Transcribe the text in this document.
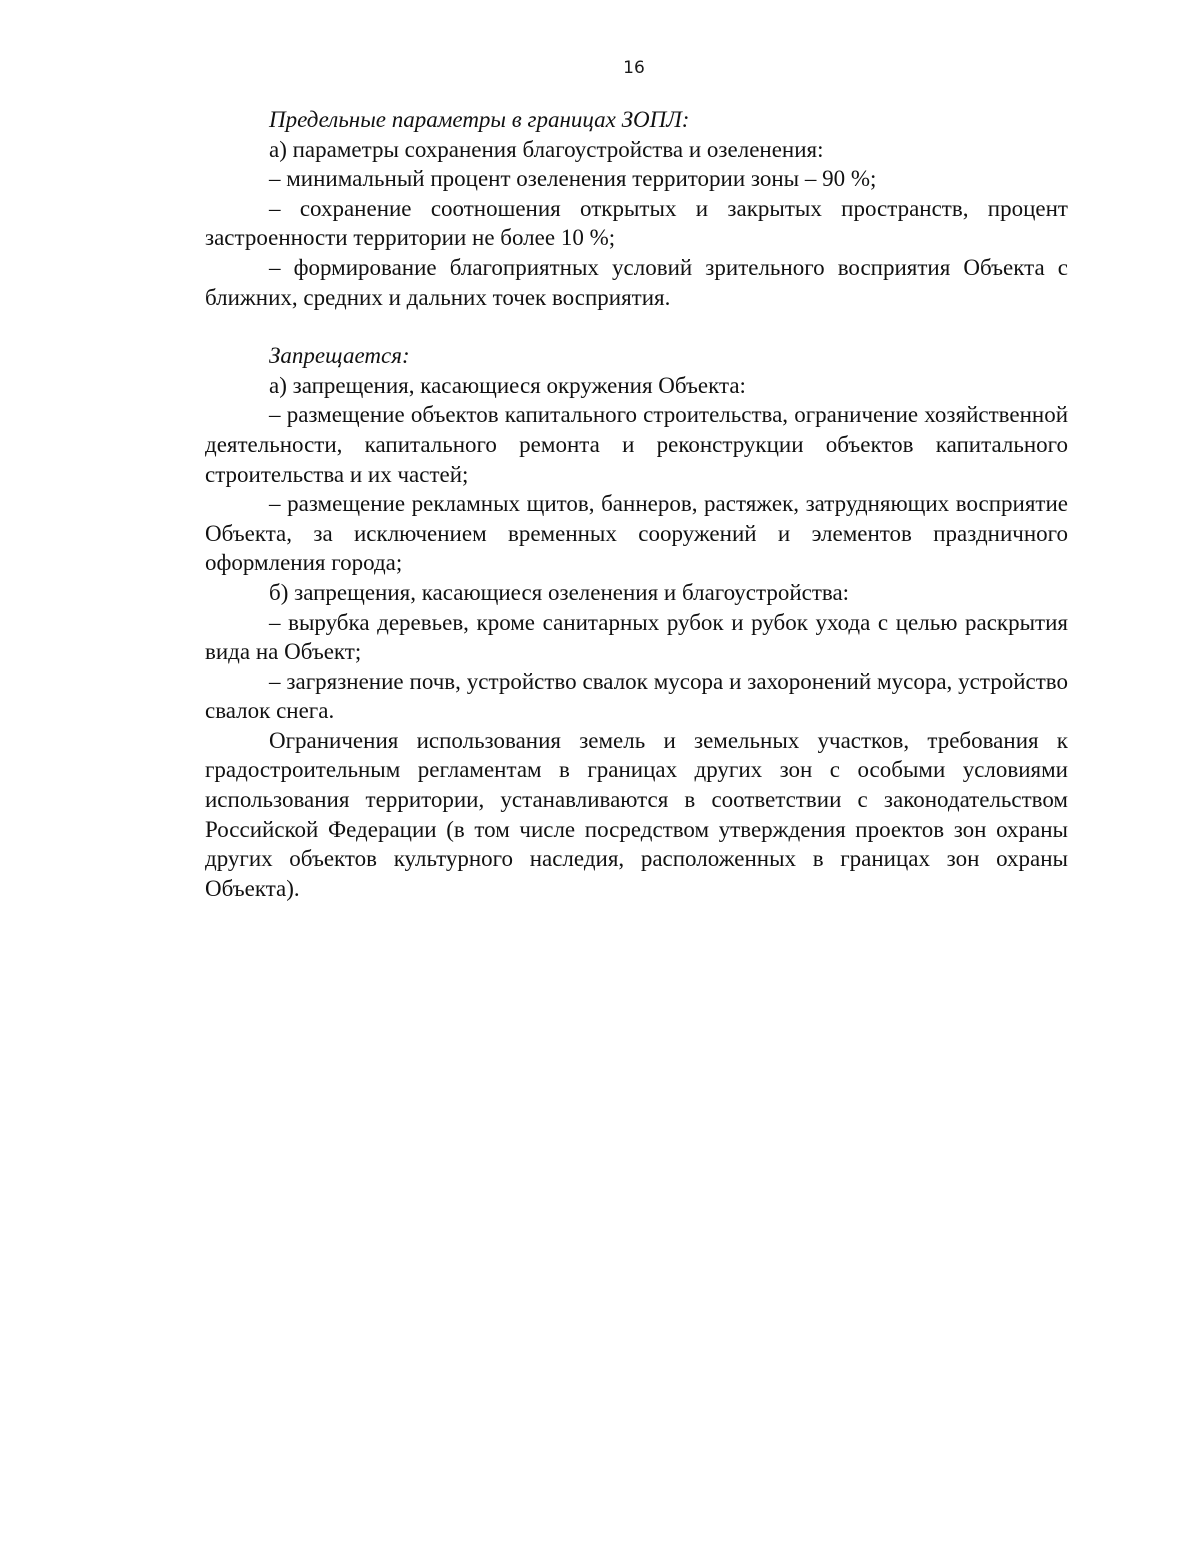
16

Предельные параметры в границах ЗОПЛ:

а) параметры сохранения благоустройства и озеленения:

– минимальный процент озеленения территории зоны – 90 %;

– сохранение соотношения открытых и закрытых пространств, процент застроенности территории не более 10 %;

– формирование благоприятных условий зрительного восприятия Объекта с ближних, средних и дальних точек восприятия.

Запрещается:

а) запрещения, касающиеся окружения Объекта:

– размещение объектов капитального строительства, ограничение хозяйственной деятельности, капитального ремонта и реконструкции объектов капитального строительства и их частей;

– размещение рекламных щитов, баннеров, растяжек, затрудняющих восприятие Объекта, за исключением временных сооружений и элементов праздничного оформления города;

б) запрещения, касающиеся озеленения и благоустройства:

– вырубка деревьев, кроме санитарных рубок и рубок ухода с целью раскрытия вида на Объект;

– загрязнение почв, устройство свалок мусора и захоронений мусора, устройство свалок снега.

Ограничения использования земель и земельных участков, требования к градостроительным регламентам в границах других зон с особыми условиями использования территории, устанавливаются в соответствии с законодательством Российской Федерации (в том числе посредством утверждения проектов зон охраны других объектов культурного наследия, расположенных в границах зон охраны Объекта).
